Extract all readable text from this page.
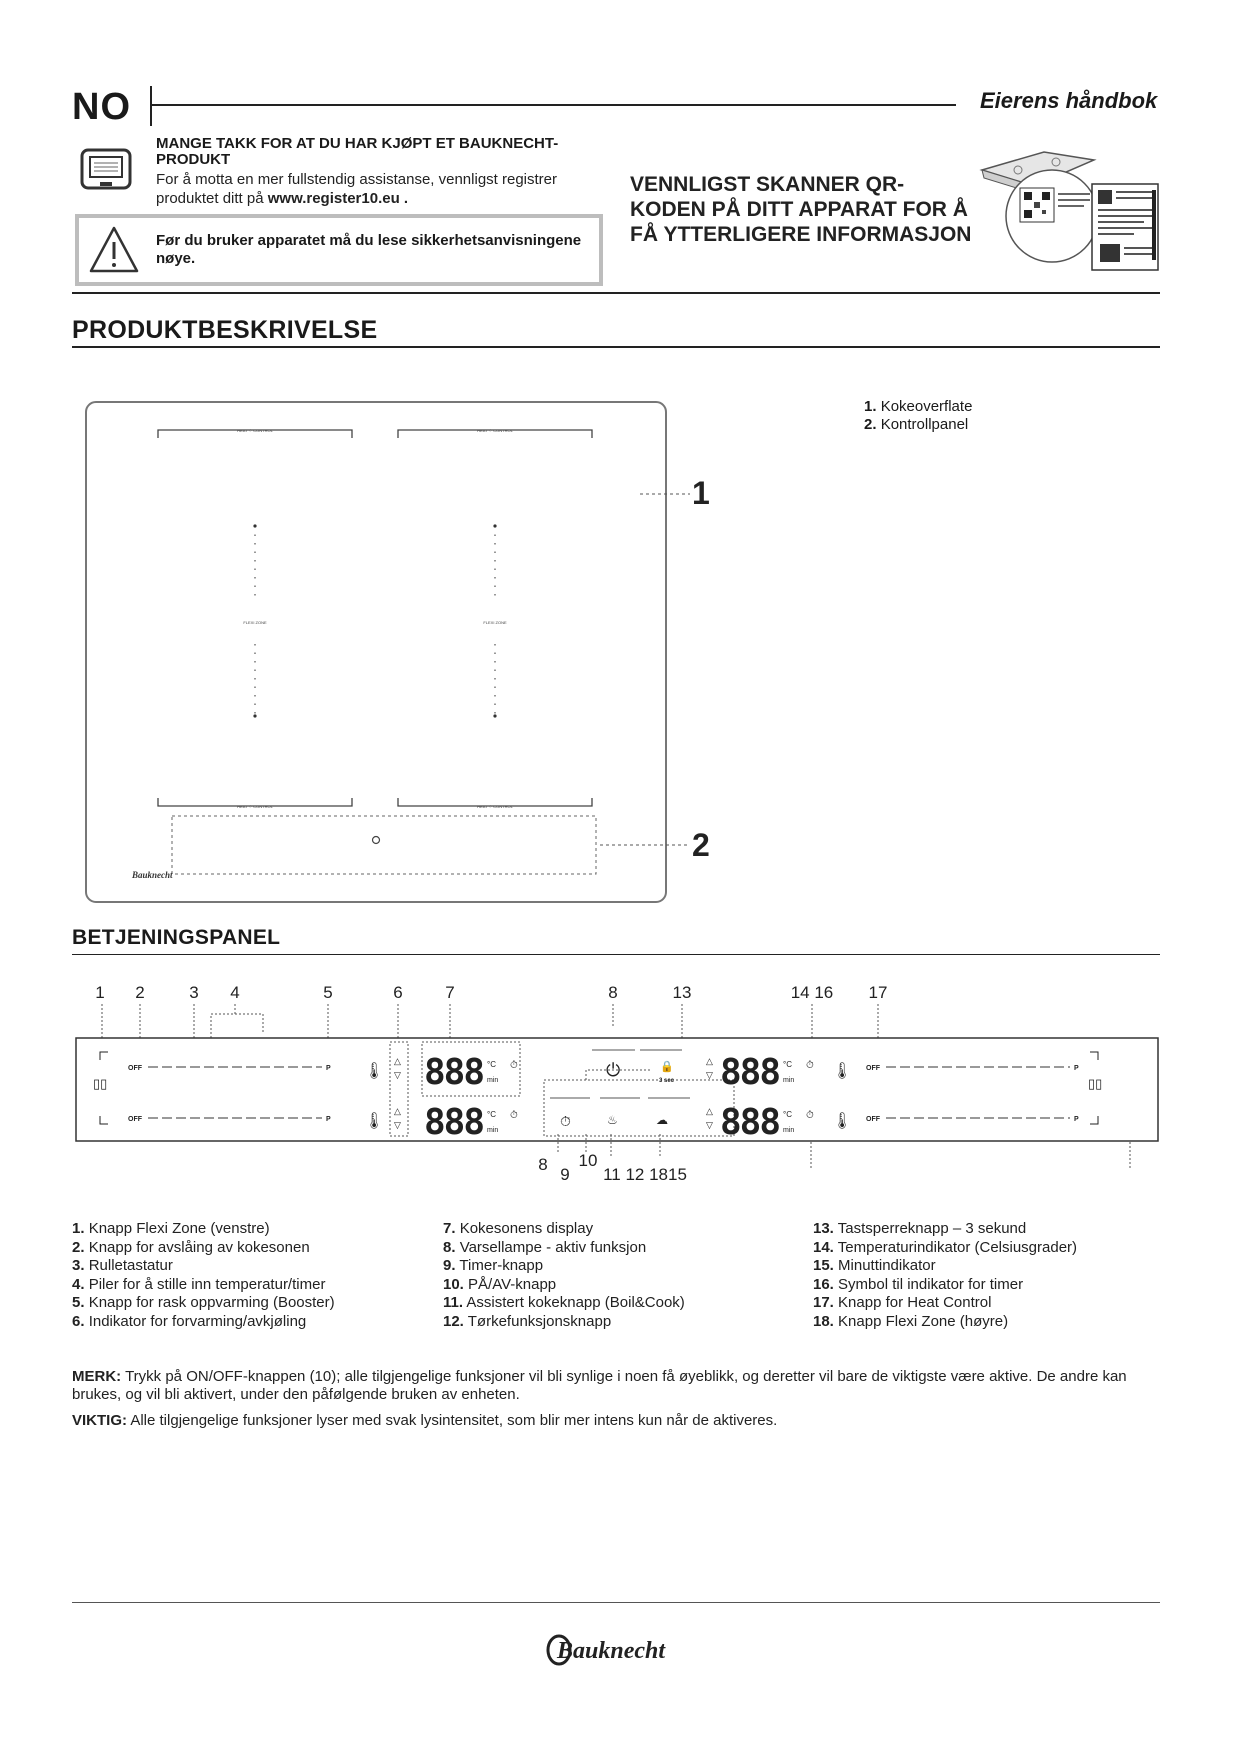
NO	Eierens håndbok
MANGE TAKK FOR AT DU HAR KJØPT ET BAUKNECHT-PRODUKT
For å motta en mer fullstendig assistanse, vennligst registrer produktet ditt på www.register10.eu .
Før du bruker apparatet må du lese sikkerhetsanvisningene nøye.
VENNLIGST SKANNER QR-KODEN PÅ DITT APPARAT FOR Å FÅ YTTERLIGERE INFORMASJON
PRODUKTBESKRIVELSE
HEAT ♢ CONTROL	HEAT ♢ CONTROL
HEAT ♢ CONTROL	HEAT ♢ CONTROL
FLEXI ZONE	FLEXI ZONE
Bauknecht
1
2
1. Kokeoverflate
2. Kontrollpanel
BETJENINGSPANEL
1 2	3 4	5	6	7	8	13	14 16 17
▯▯
OFF
OFF
P
P
🌡
🌡
△
▽
△
▽
888
888
°C
min
°C
min
⏱
⏱
⏻	🔒
3 sec
⏱	♨	☁
△
▽
△
▽
888
888
°C
min
°C
min
⏱
⏱
🌡
🌡
OFF
OFF
P
P
▯▯
8 10
9 11 12 1815
1. Knapp Flexi Zone (venstre)
2. Knapp for avslåing av kokesonen
3. Rulletastatur
4. Piler for å stille inn temperatur/timer
5. Knapp for rask oppvarming (Booster)
6. Indikator for forvarming/avkjøling
7. Kokesonens display
8. Varsellampe - aktiv funksjon
9. Timer-knapp
10. PÅ/AV-knapp
11. Assistert kokeknapp (Boil&Cook)
12. Tørkefunksjonsknapp
13. Tastsperreknapp – 3 sekund
14. Temperaturindikator (Celsiusgrader)
15. Minuttindikator
16. Symbol til indikator for timer
17. Knapp for Heat Control
18. Knapp Flexi Zone (høyre)
MERK: Trykk på ON/OFF-knappen (10); alle tilgjengelige funksjoner vil bli synlige i noen få øyeblikk, og deretter vil bare de viktigste være aktive. De andre kan brukes, og vil bli aktivert, under den påfølgende bruken av enheten.
VIKTIG: Alle tilgjengelige funksjoner lyser med svak lysintensitet, som blir mer intens kun når de aktiveres.
Bauknecht
